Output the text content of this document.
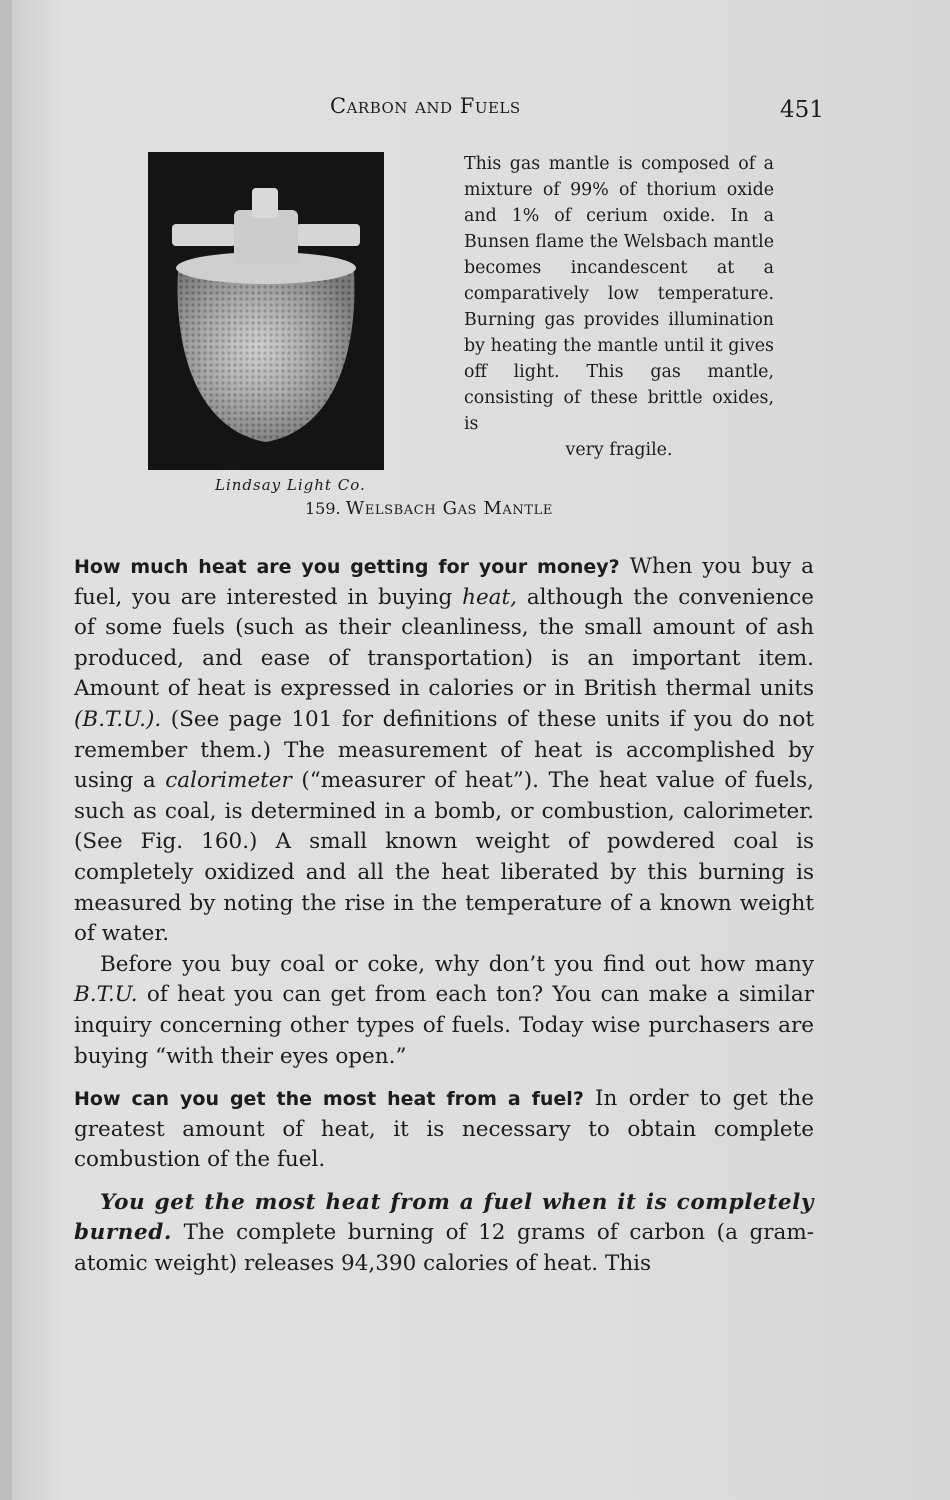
Carbon and Fuels	451
Lindsay Light Co.
159. Welsbach Gas Mantle
This gas mantle is composed of a mixture of 99% of thorium oxide and 1% of cerium oxide. In a Bunsen flame the Welsbach mantle becomes incandescent at a comparatively low temperature. Burning gas provides illumination by heating the mantle until it gives off light. This gas mantle, consisting of these brittle oxides, is
very fragile.

How much heat are you getting for your money? When you buy a fuel, you are interested in buying heat, although the convenience of some fuels (such as their cleanliness, the small amount of ash produced, and ease of transportation) is an important item. Amount of heat is expressed in calories or in British thermal units (B.T.U.). (See page 101 for definitions of these units if you do not remember them.) The measurement of heat is accomplished by using a calorimeter (“measurer of heat”). The heat value of fuels, such as coal, is determined in a bomb, or combustion, calorimeter. (See Fig. 160.) A small known weight of powdered coal is completely oxidized and all the heat liberated by this burning is measured by noting the rise in the temperature of a known weight of water.

Before you buy coal or coke, why don’t you find out how many B.T.U. of heat you can get from each ton? You can make a similar inquiry concerning other types of fuels. Today wise purchasers are buying “with their eyes open.”

How can you get the most heat from a fuel? In order to get the greatest amount of heat, it is necessary to obtain complete combustion of the fuel.

You get the most heat from a fuel when it is completely burned. The complete burning of 12 grams of carbon (a gram-atomic weight) releases 94,390 calories of heat. This
